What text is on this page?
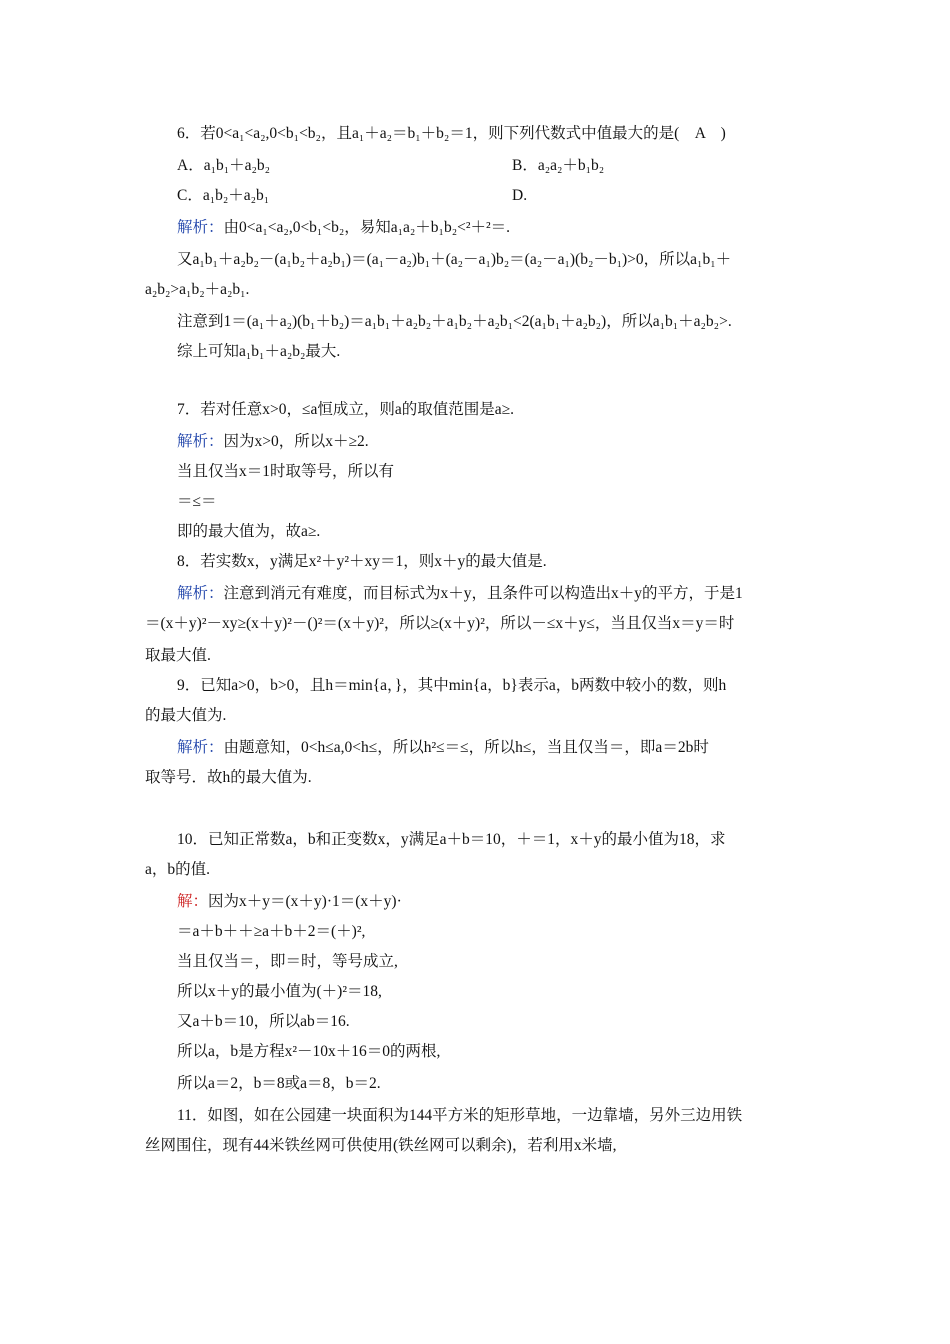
6．若0<a₁<a₂,0<b₁<b₂，且a₁＋a₂＝b₁＋b₂＝1，则下列代数式中值最大的是(　A　)
A．a₁b₁＋a₂b₂	B．a₂a₂＋b₁b₂
C．a₁b₂＋a₂b₁	D.
解析：由0<a₁<a₂,0<b₁<b₂，易知a₁a₂＋b₁b₂<²＋²＝.
又a₁b₁＋a₂b₂－(a₁b₂＋a₂b₁)＝(a₁－a₂)b₁＋(a₂－a₁)b₂＝(a₂－a₁)(b₂－b₁)>0，所以a₁b₁＋
a₂b₂>a₁b₂＋a₂b₁.
注意到1＝(a₁＋a₂)(b₁＋b₂)＝a₁b₁＋a₂b₂＋a₁b₂＋a₂b₁<2(a₁b₁＋a₂b₂)，所以a₁b₁＋a₂b₂>.
综上可知a₁b₁＋a₂b₂最大.
7．若对任意x>0，≤a恒成立，则a的取值范围是a≥.
解析：因为x>0，所以x＋≥2.
当且仅当x＝1时取等号，所以有
＝≤＝
即的最大值为，故a≥.
8．若实数x，y满足x²＋y²＋xy＝1，则x＋y的最大值是.
解析：注意到消元有难度，而目标式为x＋y，且条件可以构造出x＋y的平方，于是1
＝(x＋y)²－xy≥(x＋y)²－()²＝(x＋y)²，所以≥(x＋y)²，所以－≤x＋y≤，当且仅当x＝y＝时
取最大值.
9．已知a>0，b>0，且h＝min{a，}，其中min{a，b}表示a，b两数中较小的数，则h
的最大值为.
解析：由题意知，0<h≤a,0<h≤，所以h²≤＝≤，所以h≤，当且仅当＝，即a＝2b时
取等号．故h的最大值为.
10．已知正常数a，b和正变数x，y满足a＋b＝10，＋＝1，x＋y的最小值为18，求
a，b的值.
解：因为x＋y＝(x＋y)·1＝(x＋y)·
＝a＋b＋＋≥a＋b＋2＝(＋)²,
当且仅当＝，即＝时，等号成立,
所以x＋y的最小值为(＋)²＝18,
又a＋b＝10，所以ab＝16.
所以a，b是方程x²－10x＋16＝0的两根,
所以a＝2，b＝8或a＝8，b＝2.
11．如图，如在公园建一块面积为144平方米的矩形草地，一边靠墙，另外三边用铁
丝网围住，现有44米铁丝网可供使用(铁丝网可以剩余)，若利用x米墙,
